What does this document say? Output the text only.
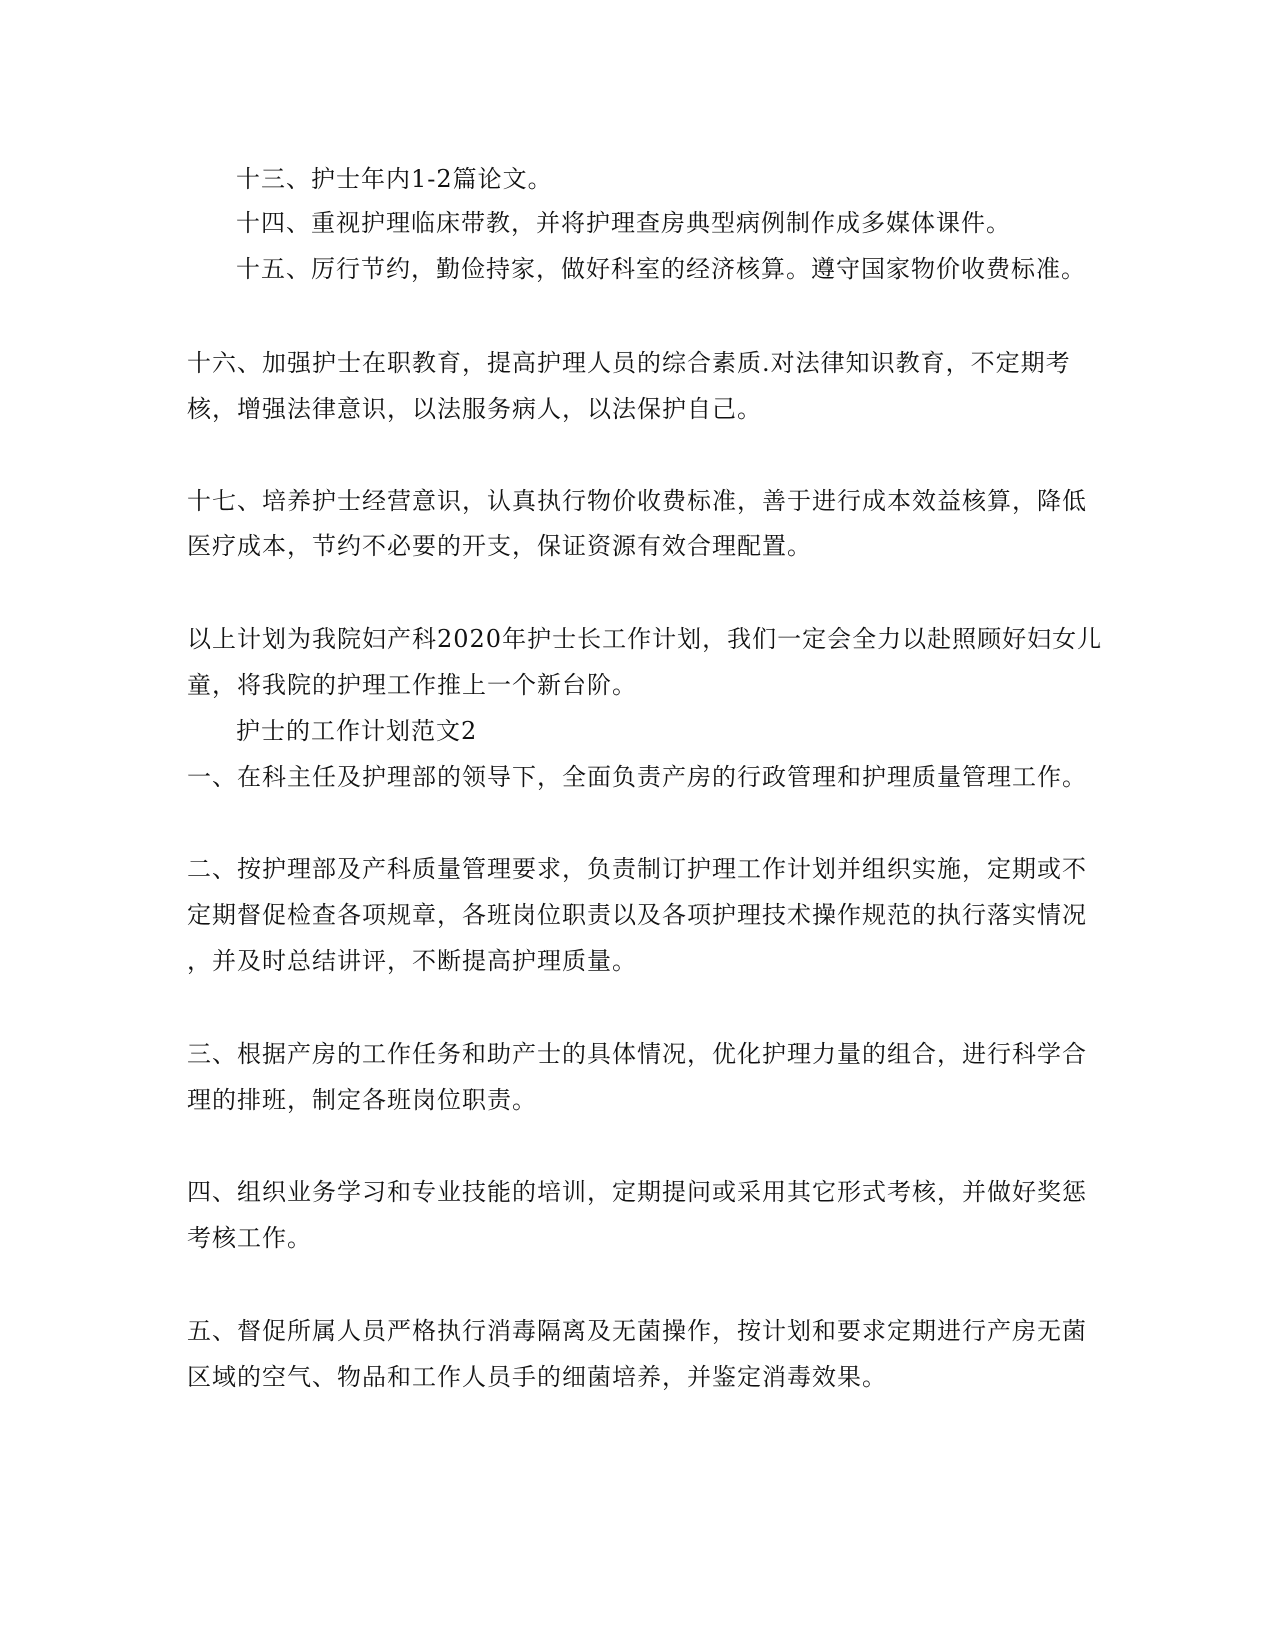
十三、护士年内1-2篇论文。
十四、重视护理临床带教，并将护理查房典型病例制作成多媒体课件。
十五、厉行节约，勤俭持家，做好科室的经济核算。遵守国家物价收费标准。
十六、加强护士在职教育，提高护理人员的综合素质.对法律知识教育，不定期考
核，增强法律意识，以法服务病人，以法保护自己。
十七、培养护士经营意识，认真执行物价收费标准，善于进行成本效益核算，降低
医疗成本，节约不必要的开支，保证资源有效合理配置。
以上计划为我院妇产科2020年护士长工作计划，我们一定会全力以赴照顾好妇女儿
童，将我院的护理工作推上一个新台阶。
护士的工作计划范文2
一、在科主任及护理部的领导下，全面负责产房的行政管理和护理质量管理工作。
二、按护理部及产科质量管理要求，负责制订护理工作计划并组织实施，定期或不
定期督促检查各项规章，各班岗位职责以及各项护理技术操作规范的执行落实情况
，并及时总结讲评，不断提高护理质量。
三、根据产房的工作任务和助产士的具体情况，优化护理力量的组合，进行科学合
理的排班，制定各班岗位职责。
四、组织业务学习和专业技能的培训，定期提问或采用其它形式考核，并做好奖惩
考核工作。
五、督促所属人员严格执行消毒隔离及无菌操作，按计划和要求定期进行产房无菌
区域的空气、物品和工作人员手的细菌培养，并鉴定消毒效果。
